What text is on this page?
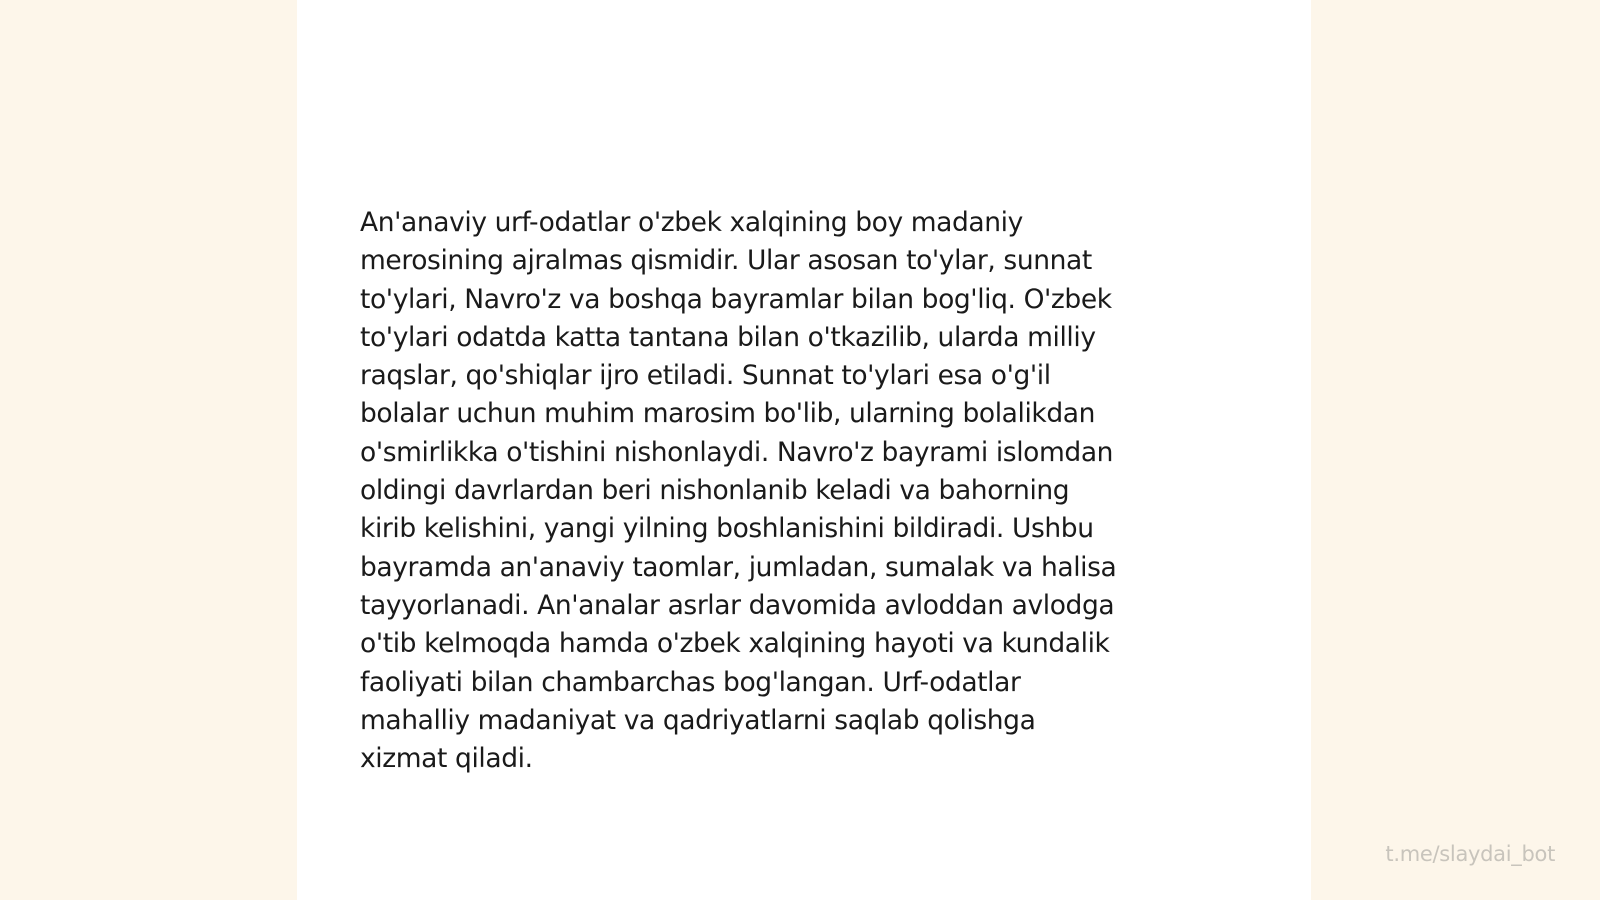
An'anaviy urf-odatlar o'zbek xalqining boy madaniy
merosining ajralmas qismidir. Ular asosan to'ylar, sunnat
to'ylari, Navro'z va boshqa bayramlar bilan bog'liq. O'zbek
to'ylari odatda katta tantana bilan o'tkazilib, ularda milliy
raqslar, qo'shiqlar ijro etiladi. Sunnat to'ylari esa o'g'il
bolalar uchun muhim marosim bo'lib, ularning bolalikdan
o'smirlikka o'tishini nishonlaydi. Navro'z bayrami islomdan
oldingi davrlardan beri nishonlanib keladi va bahorning
kirib kelishini, yangi yilning boshlanishini bildiradi. Ushbu
bayramda an'anaviy taomlar, jumladan, sumalak va halisa
tayyorlanadi. An'analar asrlar davomida avloddan avlodga
o'tib kelmoqda hamda o'zbek xalqining hayoti va kundalik
faoliyati bilan chambarchas bog'langan. Urf-odatlar
mahalliy madaniyat va qadriyatlarni saqlab qolishga
xizmat qiladi.

t.me/slaydai_bot
